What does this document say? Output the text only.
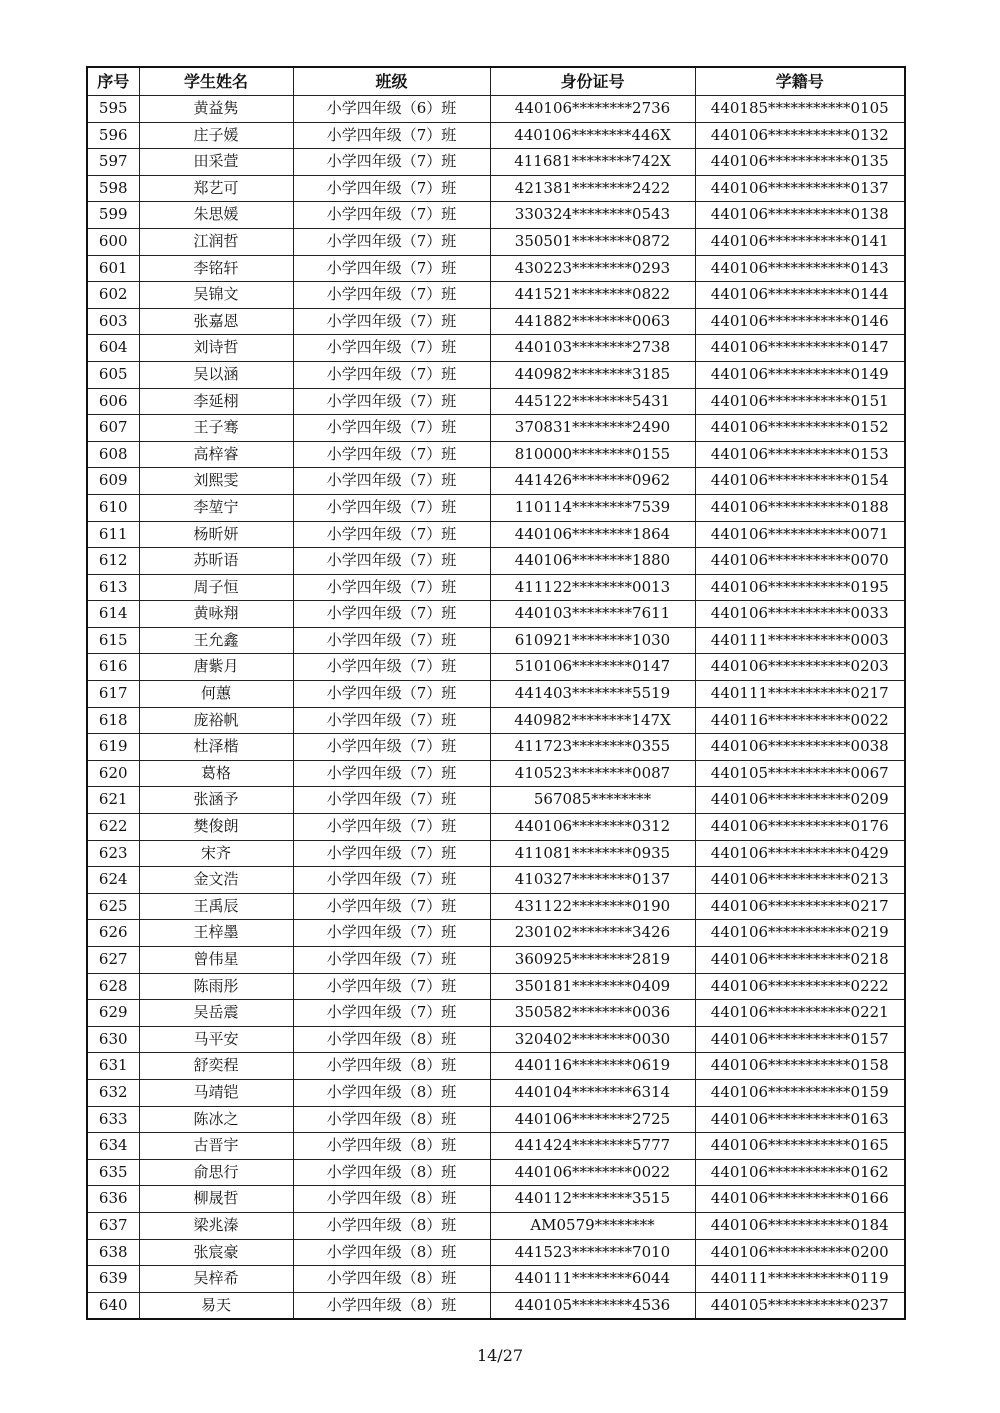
序号	学生姓名	班级	身份证号	学籍号
595	黄益隽	小学四年级（6）班	440106********2736	440185***********0105
596	庄子媛	小学四年级（7）班	440106********446X	440106***********0132
597	田采萱	小学四年级（7）班	411681********742X	440106***********0135
598	郑艺可	小学四年级（7）班	421381********2422	440106***********0137
599	朱思媛	小学四年级（7）班	330324********0543	440106***********0138
600	江润哲	小学四年级（7）班	350501********0872	440106***********0141
601	李铭轩	小学四年级（7）班	430223********0293	440106***********0143
602	吴锦文	小学四年级（7）班	441521********0822	440106***********0144
603	张嘉恩	小学四年级（7）班	441882********0063	440106***********0146
604	刘诗哲	小学四年级（7）班	440103********2738	440106***********0147
605	吴以涵	小学四年级（7）班	440982********3185	440106***********0149
606	李延栩	小学四年级（7）班	445122********5431	440106***********0151
607	王子骞	小学四年级（7）班	370831********2490	440106***********0152
608	高梓睿	小学四年级（7）班	810000********0155	440106***********0153
609	刘熙雯	小学四年级（7）班	441426********0962	440106***********0154
610	李堃宁	小学四年级（7）班	110114********7539	440106***********0188
611	杨昕妍	小学四年级（7）班	440106********1864	440106***********0071
612	苏昕语	小学四年级（7）班	440106********1880	440106***********0070
613	周子恒	小学四年级（7）班	411122********0013	440106***********0195
614	黄咏翔	小学四年级（7）班	440103********7611	440106***********0033
615	王允鑫	小学四年级（7）班	610921********1030	440111***********0003
616	唐紫月	小学四年级（7）班	510106********0147	440106***********0203
617	何蕙	小学四年级（7）班	441403********5519	440111***********0217
618	庞裕帆	小学四年级（7）班	440982********147X	440116***********0022
619	杜泽楷	小学四年级（7）班	411723********0355	440106***********0038
620	葛格	小学四年级（7）班	410523********0087	440105***********0067
621	张涵予	小学四年级（7）班	567085********	440106***********0209
622	樊俊朗	小学四年级（7）班	440106********0312	440106***********0176
623	宋齐	小学四年级（7）班	411081********0935	440106***********0429
624	金文浩	小学四年级（7）班	410327********0137	440106***********0213
625	王禹辰	小学四年级（7）班	431122********0190	440106***********0217
626	王梓墨	小学四年级（7）班	230102********3426	440106***********0219
627	曾伟星	小学四年级（7）班	360925********2819	440106***********0218
628	陈雨彤	小学四年级（7）班	350181********0409	440106***********0222
629	吴岳震	小学四年级（7）班	350582********0036	440106***********0221
630	马平安	小学四年级（8）班	320402********0030	440106***********0157
631	舒奕程	小学四年级（8）班	440116********0619	440106***********0158
632	马靖铠	小学四年级（8）班	440104********6314	440106***********0159
633	陈冰之	小学四年级（8）班	440106********2725	440106***********0163
634	古晋宇	小学四年级（8）班	441424********5777	440106***********0165
635	俞思行	小学四年级（8）班	440106********0022	440106***********0162
636	柳晟哲	小学四年级（8）班	440112********3515	440106***********0166
637	梁兆溱	小学四年级（8）班	AM0579********	440106***********0184
638	张宸豪	小学四年级（8）班	441523********7010	440106***********0200
639	吴梓希	小学四年级（8）班	440111********6044	440111***********0119
640	易天	小学四年级（8）班	440105********4536	440105***********0237
14/27
